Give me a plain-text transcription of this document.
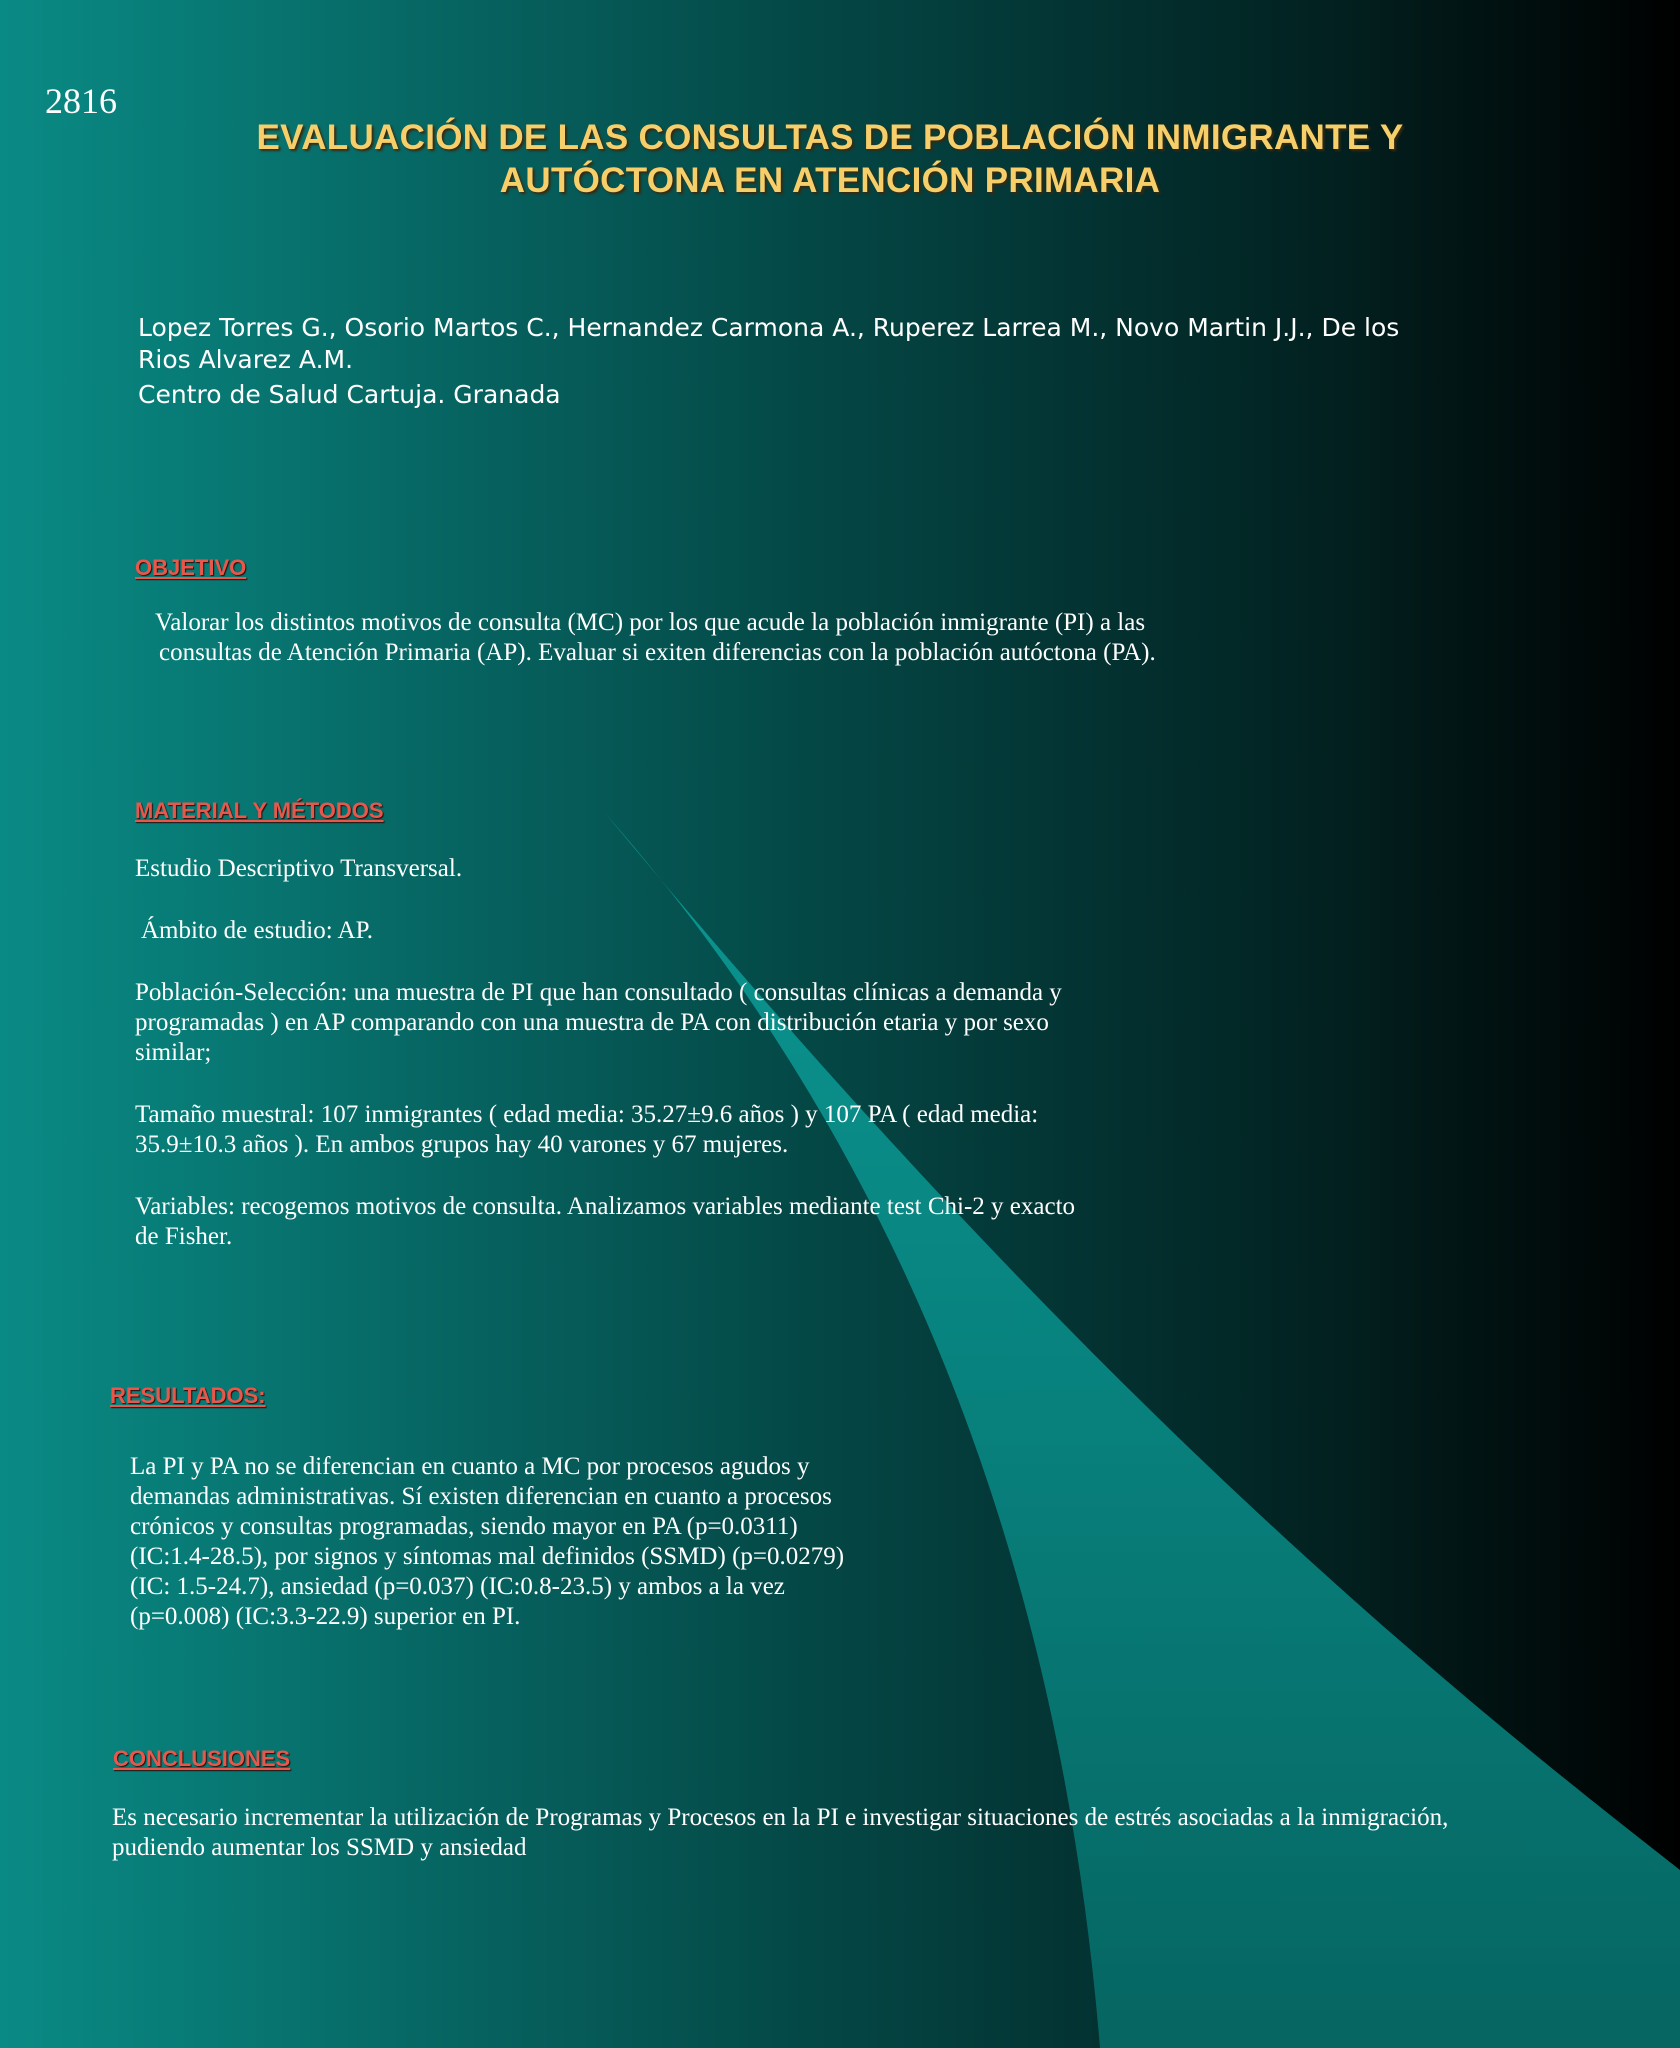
2816
EVALUACIÓN DE LAS CONSULTAS DE POBLACIÓN INMIGRANTE Y
AUTÓCTONA EN ATENCIÓN PRIMARIA
Lopez Torres G., Osorio Martos C., Hernandez Carmona A., Ruperez Larrea M., Novo Martin J.J., De los Rios Alvarez A.M.
Centro de Salud Cartuja. Granada
OBJETIVO

Valorar los distintos motivos de consulta (MC) por los que acude la población inmigrante (PI) a las

consultas de Atención Primaria (AP). Evaluar si exiten diferencias con la población autóctona (PA).

MATERIAL Y MÉTODOS

Estudio Descriptivo Transversal.

Ámbito de estudio: AP.

Población-Selección: una muestra de PI que han consultado ( consultas clínicas a demanda y programadas ) en AP comparando con una muestra de PA con distribución etaria y por sexo similar;

Tamaño muestral: 107 inmigrantes ( edad media: 35.27±9.6 años ) y 107 PA ( edad media: 35.9±10.3 años ). En ambos grupos hay 40 varones y 67 mujeres.

Variables: recogemos motivos de consulta. Analizamos variables mediante test Chi-2 y exacto de Fisher.

RESULTADOS:
La PI y PA no se diferencian en cuanto a MC por procesos agudos y demandas administrativas. Sí existen diferencian en cuanto a procesos crónicos y consultas programadas, siendo mayor en PA (p=0.0311) (IC:1.4-28.5), por signos y síntomas mal definidos (SSMD) (p=0.0279) (IC: 1.5-24.7), ansiedad (p=0.037) (IC:0.8-23.5) y ambos a la vez (p=0.008) (IC:3.3-22.9) superior en PI.
CONCLUSIONES
Es necesario incrementar la utilización de Programas y Procesos en la PI e investigar situaciones de estrés asociadas a la inmigración, pudiendo aumentar los SSMD y ansiedad
